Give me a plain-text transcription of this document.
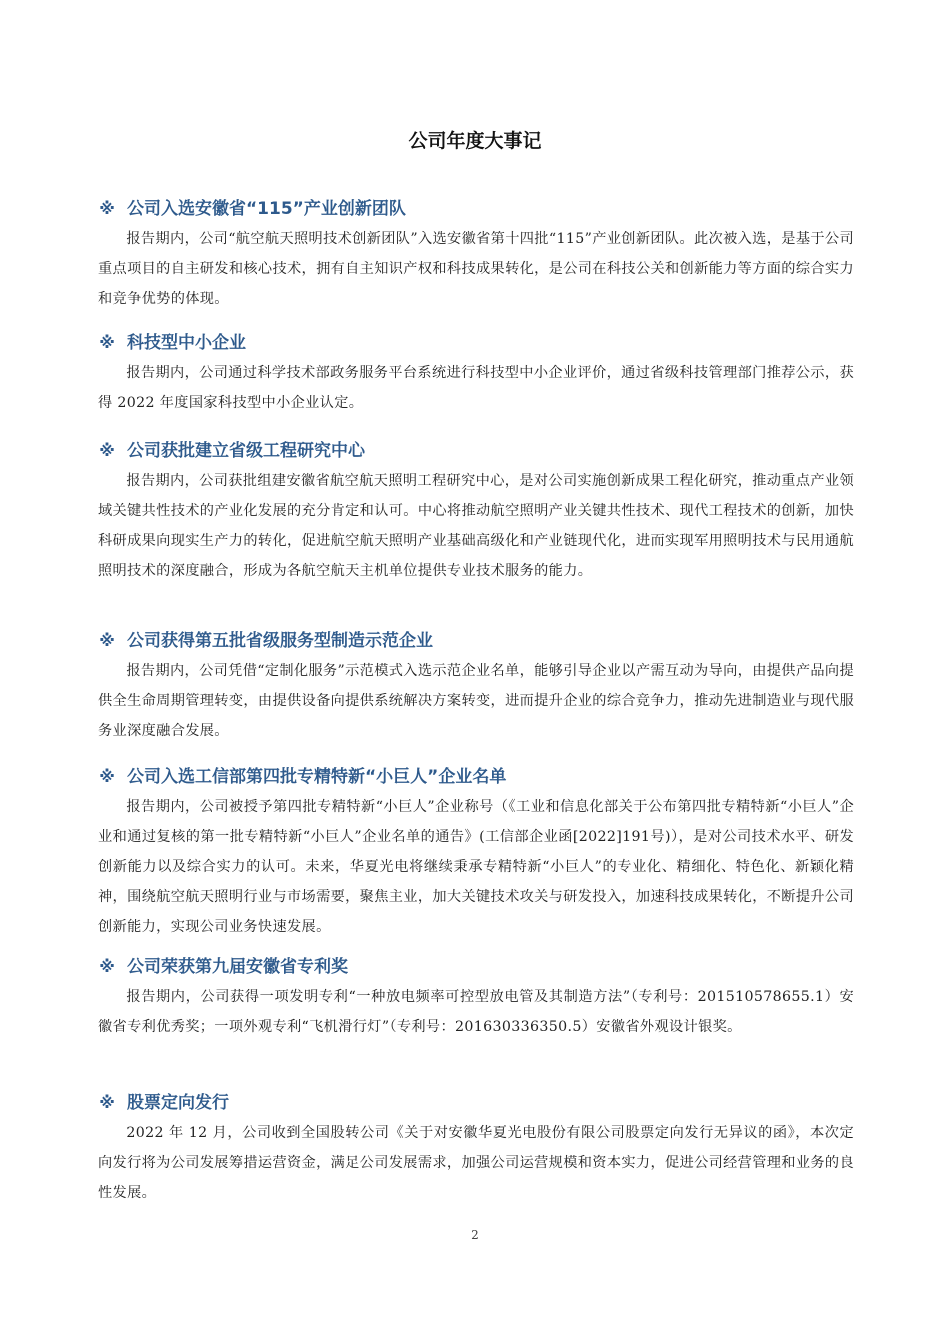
公司年度大事记
※ 公司入选安徽省“115”产业创新团队

报告期内，公司“航空航天照明技术创新团队”入选安徽省第十四批“115”产业创新团队。此次被入选，是基于公司重点项目的自主研发和核心技术，拥有自主知识产权和科技成果转化，是公司在科技公关和创新能力等方面的综合实力和竞争优势的体现。

※ 科技型中小企业

报告期内，公司通过科学技术部政务服务平台系统进行科技型中小企业评价，通过省级科技管理部门推荐公示，获得 2022 年度国家科技型中小企业认定。

※ 公司获批建立省级工程研究中心

报告期内，公司获批组建安徽省航空航天照明工程研究中心，是对公司实施创新成果工程化研究，推动重点产业领域关键共性技术的产业化发展的充分肯定和认可。中心将推动航空照明产业关键共性技术、现代工程技术的创新，加快科研成果向现实生产力的转化，促进航空航天照明产业基础高级化和产业链现代化，进而实现军用照明技术与民用通航照明技术的深度融合，形成为各航空航天主机单位提供专业技术服务的能力。

※ 公司获得第五批省级服务型制造示范企业

报告期内，公司凭借“定制化服务”示范模式入选示范企业名单，能够引导企业以产需互动为导向，由提供产品向提供全生命周期管理转变，由提供设备向提供系统解决方案转变，进而提升企业的综合竞争力，推动先进制造业与现代服务业深度融合发展。

※ 公司入选工信部第四批专精特新“小巨人”企业名单

报告期内，公司被授予第四批专精特新“小巨人”企业称号（《工业和信息化部关于公布第四批专精特新“小巨人”企业和通过复核的第一批专精特新“小巨人”企业名单的通告》(工信部企业函[2022]191号)），是对公司技术水平、研发创新能力以及综合实力的认可。未来，华夏光电将继续秉承专精特新“小巨人”的专业化、精细化、特色化、新颖化精神，围绕航空航天照明行业与市场需要，聚焦主业，加大关键技术攻关与研发投入，加速科技成果转化，不断提升公司创新能力，实现公司业务快速发展。

※ 公司荣获第九届安徽省专利奖

报告期内，公司获得一项发明专利“一种放电频率可控型放电管及其制造方法”（专利号：201510578655.1）安徽省专利优秀奖；一项外观专利“飞机滑行灯”（专利号：201630336350.5）安徽省外观设计银奖。

※ 股票定向发行

2022 年 12 月，公司收到全国股转公司《关于对安徽华夏光电股份有限公司股票定向发行无异议的函》，本次定向发行将为公司发展筹措运营资金，满足公司发展需求，加强公司运营规模和资本实力，促进公司经营管理和业务的良性发展。

2
